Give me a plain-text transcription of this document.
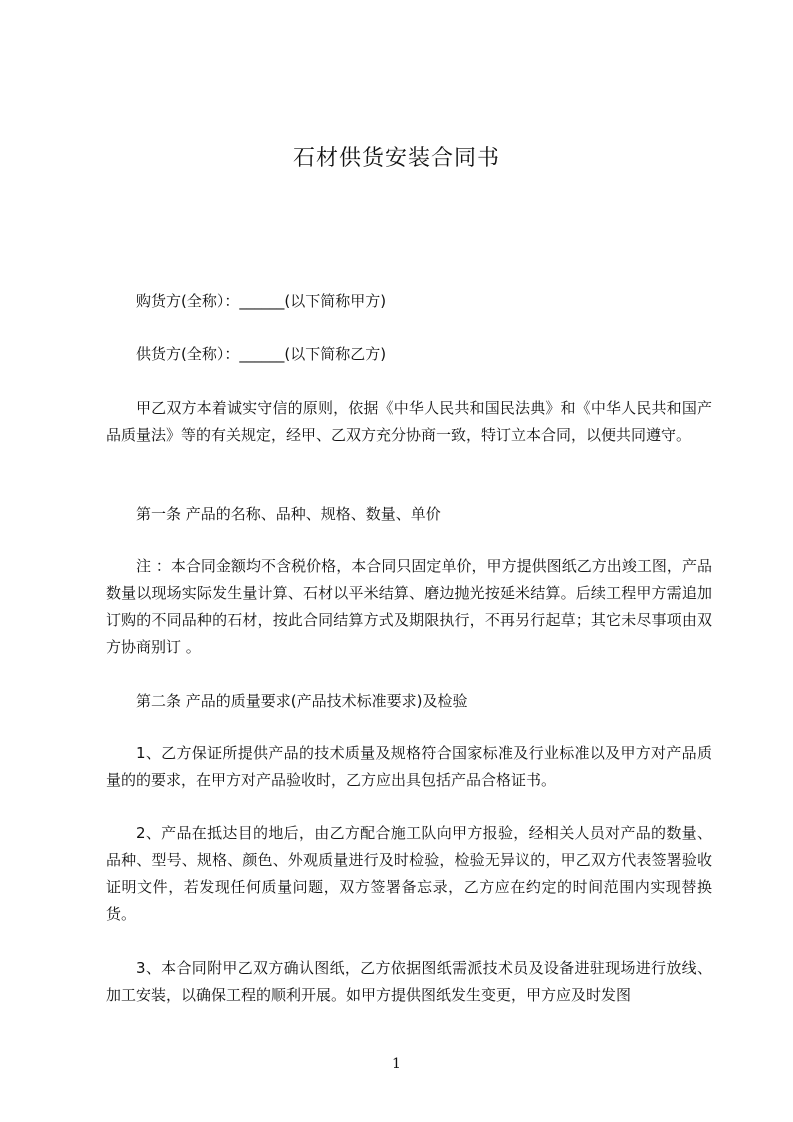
石材供货安装合同书

购货方(全称）：______(以下简称甲方)

供货方(全称）：______(以下简称乙方)

甲乙双方本着诚实守信的原则，依据《中华人民共和国民法典》和《中华人民共和国产品质量法》等的有关规定，经甲、乙双方充分协商一致，特订立本合同，以便共同遵守。

第一条 产品的名称、品种、规格、数量、单价

注 ：本合同金额均不含税价格，本合同只固定单价，甲方提供图纸乙方出竣工图，产品数量以现场实际发生量计算、石材以平米结算、磨边抛光按延米结算。后续工程甲方需追加订购的不同品种的石材，按此合同结算方式及期限执行，不再另行起草；其它未尽事项由双方协商别订 。

第二条 产品的质量要求(产品技术标准要求)及检验

1、乙方保证所提供产品的技术质量及规格符合国家标准及行业标准以及甲方对产品质量的的要求，在甲方对产品验收时，乙方应出具包括产品合格证书。

2、产品在抵达目的地后，由乙方配合施工队向甲方报验，经相关人员对产品的数量、 品种、型号、规格、颜色、外观质量进行及时检验，检验无异议的，甲乙双方代表签署验收证明文件，若发现任何质量问题，双方签署备忘录，乙方应在约定的时间范围内实现替换货。

3、本合同附甲乙双方确认图纸，乙方依据图纸需派技术员及设备进驻现场进行放线、加工安装，以确保工程的顺利开展。如甲方提供图纸发生变更，甲方应及时发图

1
